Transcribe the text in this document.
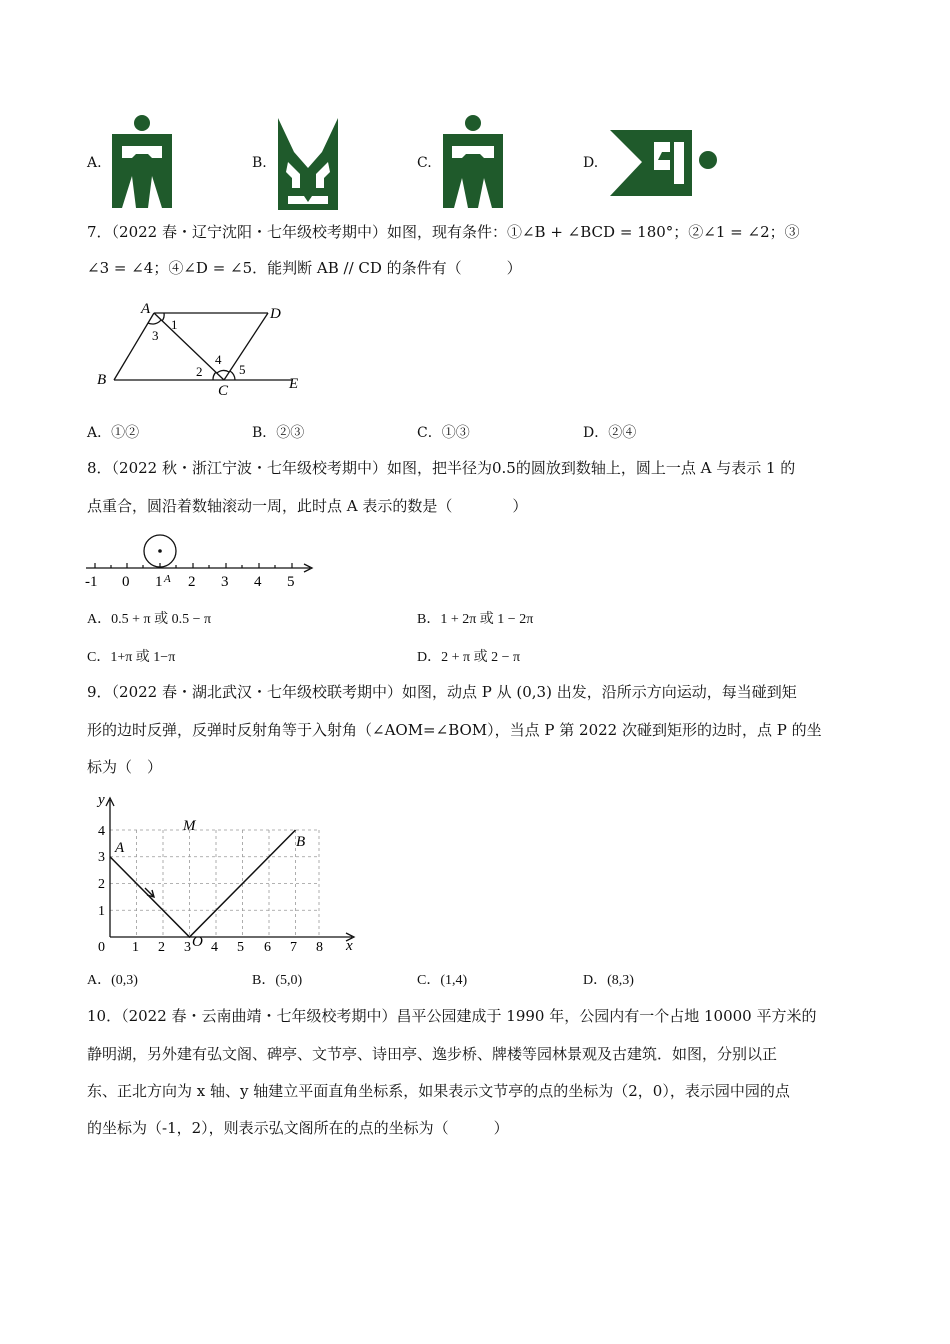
A.	B.	C.	D.
7．（2022 春・辽宁沈阳・七年级校考期中）如图，现有条件：①∠B + ∠BCD = 180°；②∠1 = ∠2；③
∠3 = ∠4；④∠D = ∠5．能判断 AB // CD 的条件有（　　　）
A
B
C
D
E
1
3
2
4
5
A．①②	B．②③	C．①③	D．②④
8．（2022 秋・浙江宁波・七年级校考期中）如图，把半径为0.5的圆放到数轴上，圆上一点 A 与表示 1 的
点重合，圆沿着数轴滚动一周，此时点 A 表示的数是（　　　　）
-1 0 1 A 2 3 4 5
A．0.5 + π 或 0.5 − π	B．1 + 2π 或 1 − 2π
C．1+π 或 1−π	D．2 + π 或 2 − π
9．（2022 春・湖北武汉・七年级校联考期中）如图，动点 P 从 (0,3) 出发，沿所示方向运动，每当碰到矩
形的边时反弹，反弹时反射角等于入射角（∠AOM=∠BOM），当点 P 第 2022 次碰到矩形的边时，点 P 的坐
标为（　）
y
x
0 1 2 3 4 5 6 7 8
1
2
3
4
A	B
M
O
A．(0,3)	B．(5,0)	C．(1,4)	D．(8,3)
10．（2022 春・云南曲靖・七年级校考期中）昌平公园建成于 1990 年，公园内有一个占地 10000 平方米的
静明湖，另外建有弘文阁、碑亭、文节亭、诗田亭、逸步桥、牌楼等园林景观及古建筑．如图，分别以正
东、正北方向为 x 轴、y 轴建立平面直角坐标系，如果表示文节亭的点的坐标为（2，0），表示园中园的点
的坐标为（-1，2），则表示弘文阁所在的点的坐标为（　　　）
